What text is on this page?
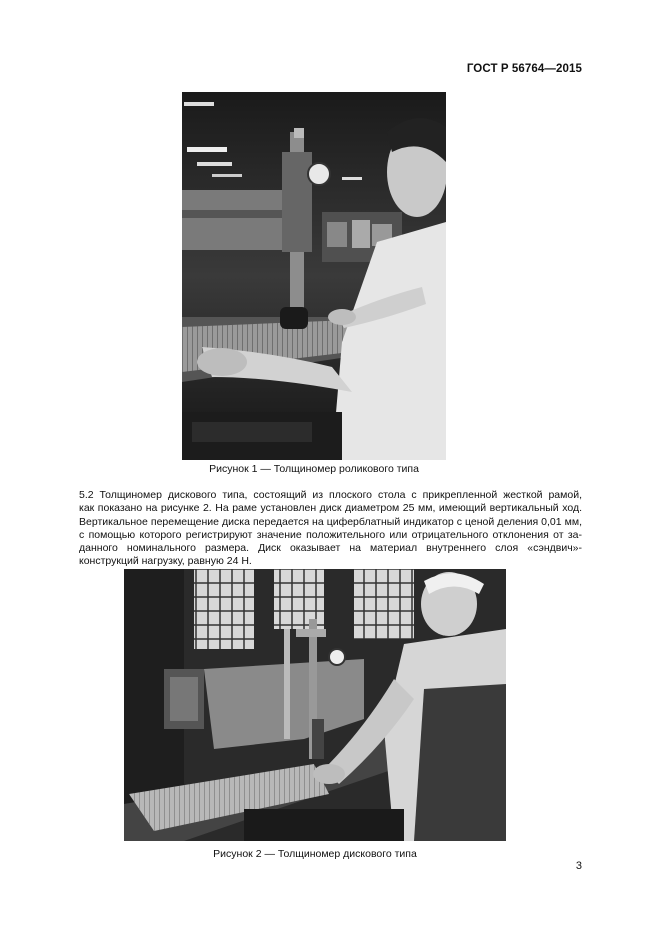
ГОСТ Р 56764—2015
Рисунок 1 — Толщиномер роликового типа
5.2 Толщиномер дискового типа, состоящий из плоского стола с прикрепленной жесткой рамой,
как показано на рисунке 2. На раме установлен диск диаметром 25 мм, имеющий вертикальный ход.
Вертикальное перемещение диска передается на циферблатный индикатор с ценой деления 0,01 мм,
с помощью которого регистрируют значение положительного или отрицательного отклонения от за-
данного номинального размера. Диск оказывает на материал внутреннего слоя «сэндвич»-
конструкций нагрузку, равную 24 Н.
Рисунок 2 — Толщиномер дискового типа
3
